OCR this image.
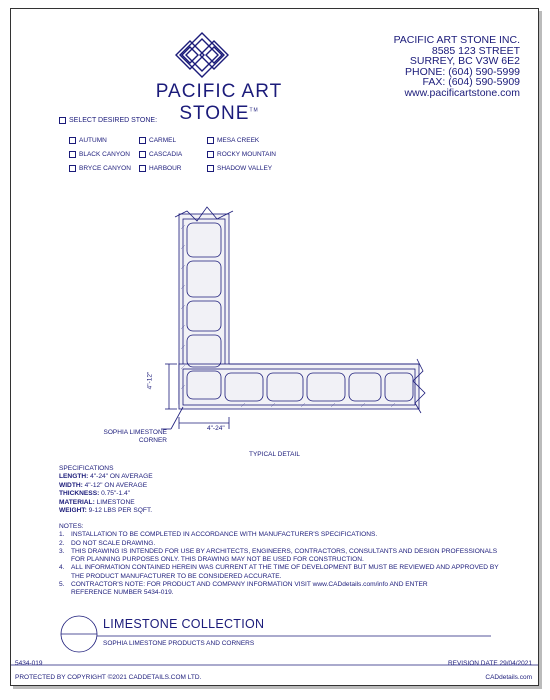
PACIFIC ART STONE™
PACIFIC ART STONE INC.
8585 123 STREET
SURREY, BC V3W 6E2
PHONE: (604) 590-5999
FAX: (604) 590-5909
www.pacificartstone.com
SELECT DESIRED STONE:
AUTUMN	CARMEL	MESA CREEK
BLACK CANYON	CASCADIA	ROCKY MOUNTAIN
BRYCE CANYON	HARBOUR	SHADOW VALLEY
4"-12"
4"-24"
SOPHIA LIMESTONE
CORNER
TYPICAL DETAIL
SPECIFICATIONS
LENGTH: 4"-24" ON AVERAGE
WIDTH: 4"-12" ON AVERAGE
THICKNESS: 0.75"-1.4"
MATERIAL: LIMESTONE
WEIGHT: 9-12 LBS PER SQFT.
NOTES:
1. INSTALLATION TO BE COMPLETED IN ACCORDANCE WITH MANUFACTURER'S SPECIFICATIONS.
2. DO NOT SCALE DRAWING.
3. THIS DRAWING IS INTENDED FOR USE BY ARCHITECTS, ENGINEERS, CONTRACTORS, CONSULTANTS AND DESIGN PROFESSIONALS
FOR PLANNING PURPOSES ONLY. THIS DRAWING MAY NOT BE USED FOR CONSTRUCTION.
4. ALL INFORMATION CONTAINED HEREIN WAS CURRENT AT THE TIME OF DEVELOPMENT BUT MUST BE REVIEWED AND APPROVED BY
THE PRODUCT MANUFACTURER TO BE CONSIDERED ACCURATE.
5. CONTRACTOR'S NOTE: FOR PRODUCT AND COMPANY INFORMATION VISIT www.CADdetails.com/info AND ENTER
REFERENCE NUMBER 5434-019.
LIMESTONE COLLECTION
SOPHIA LIMESTONE PRODUCTS AND CORNERS
5434-019	REVISION DATE 29/04/2021
PROTECTED BY COPYRIGHT ©2021 CADDETAILS.COM LTD.	CADdetails.com
